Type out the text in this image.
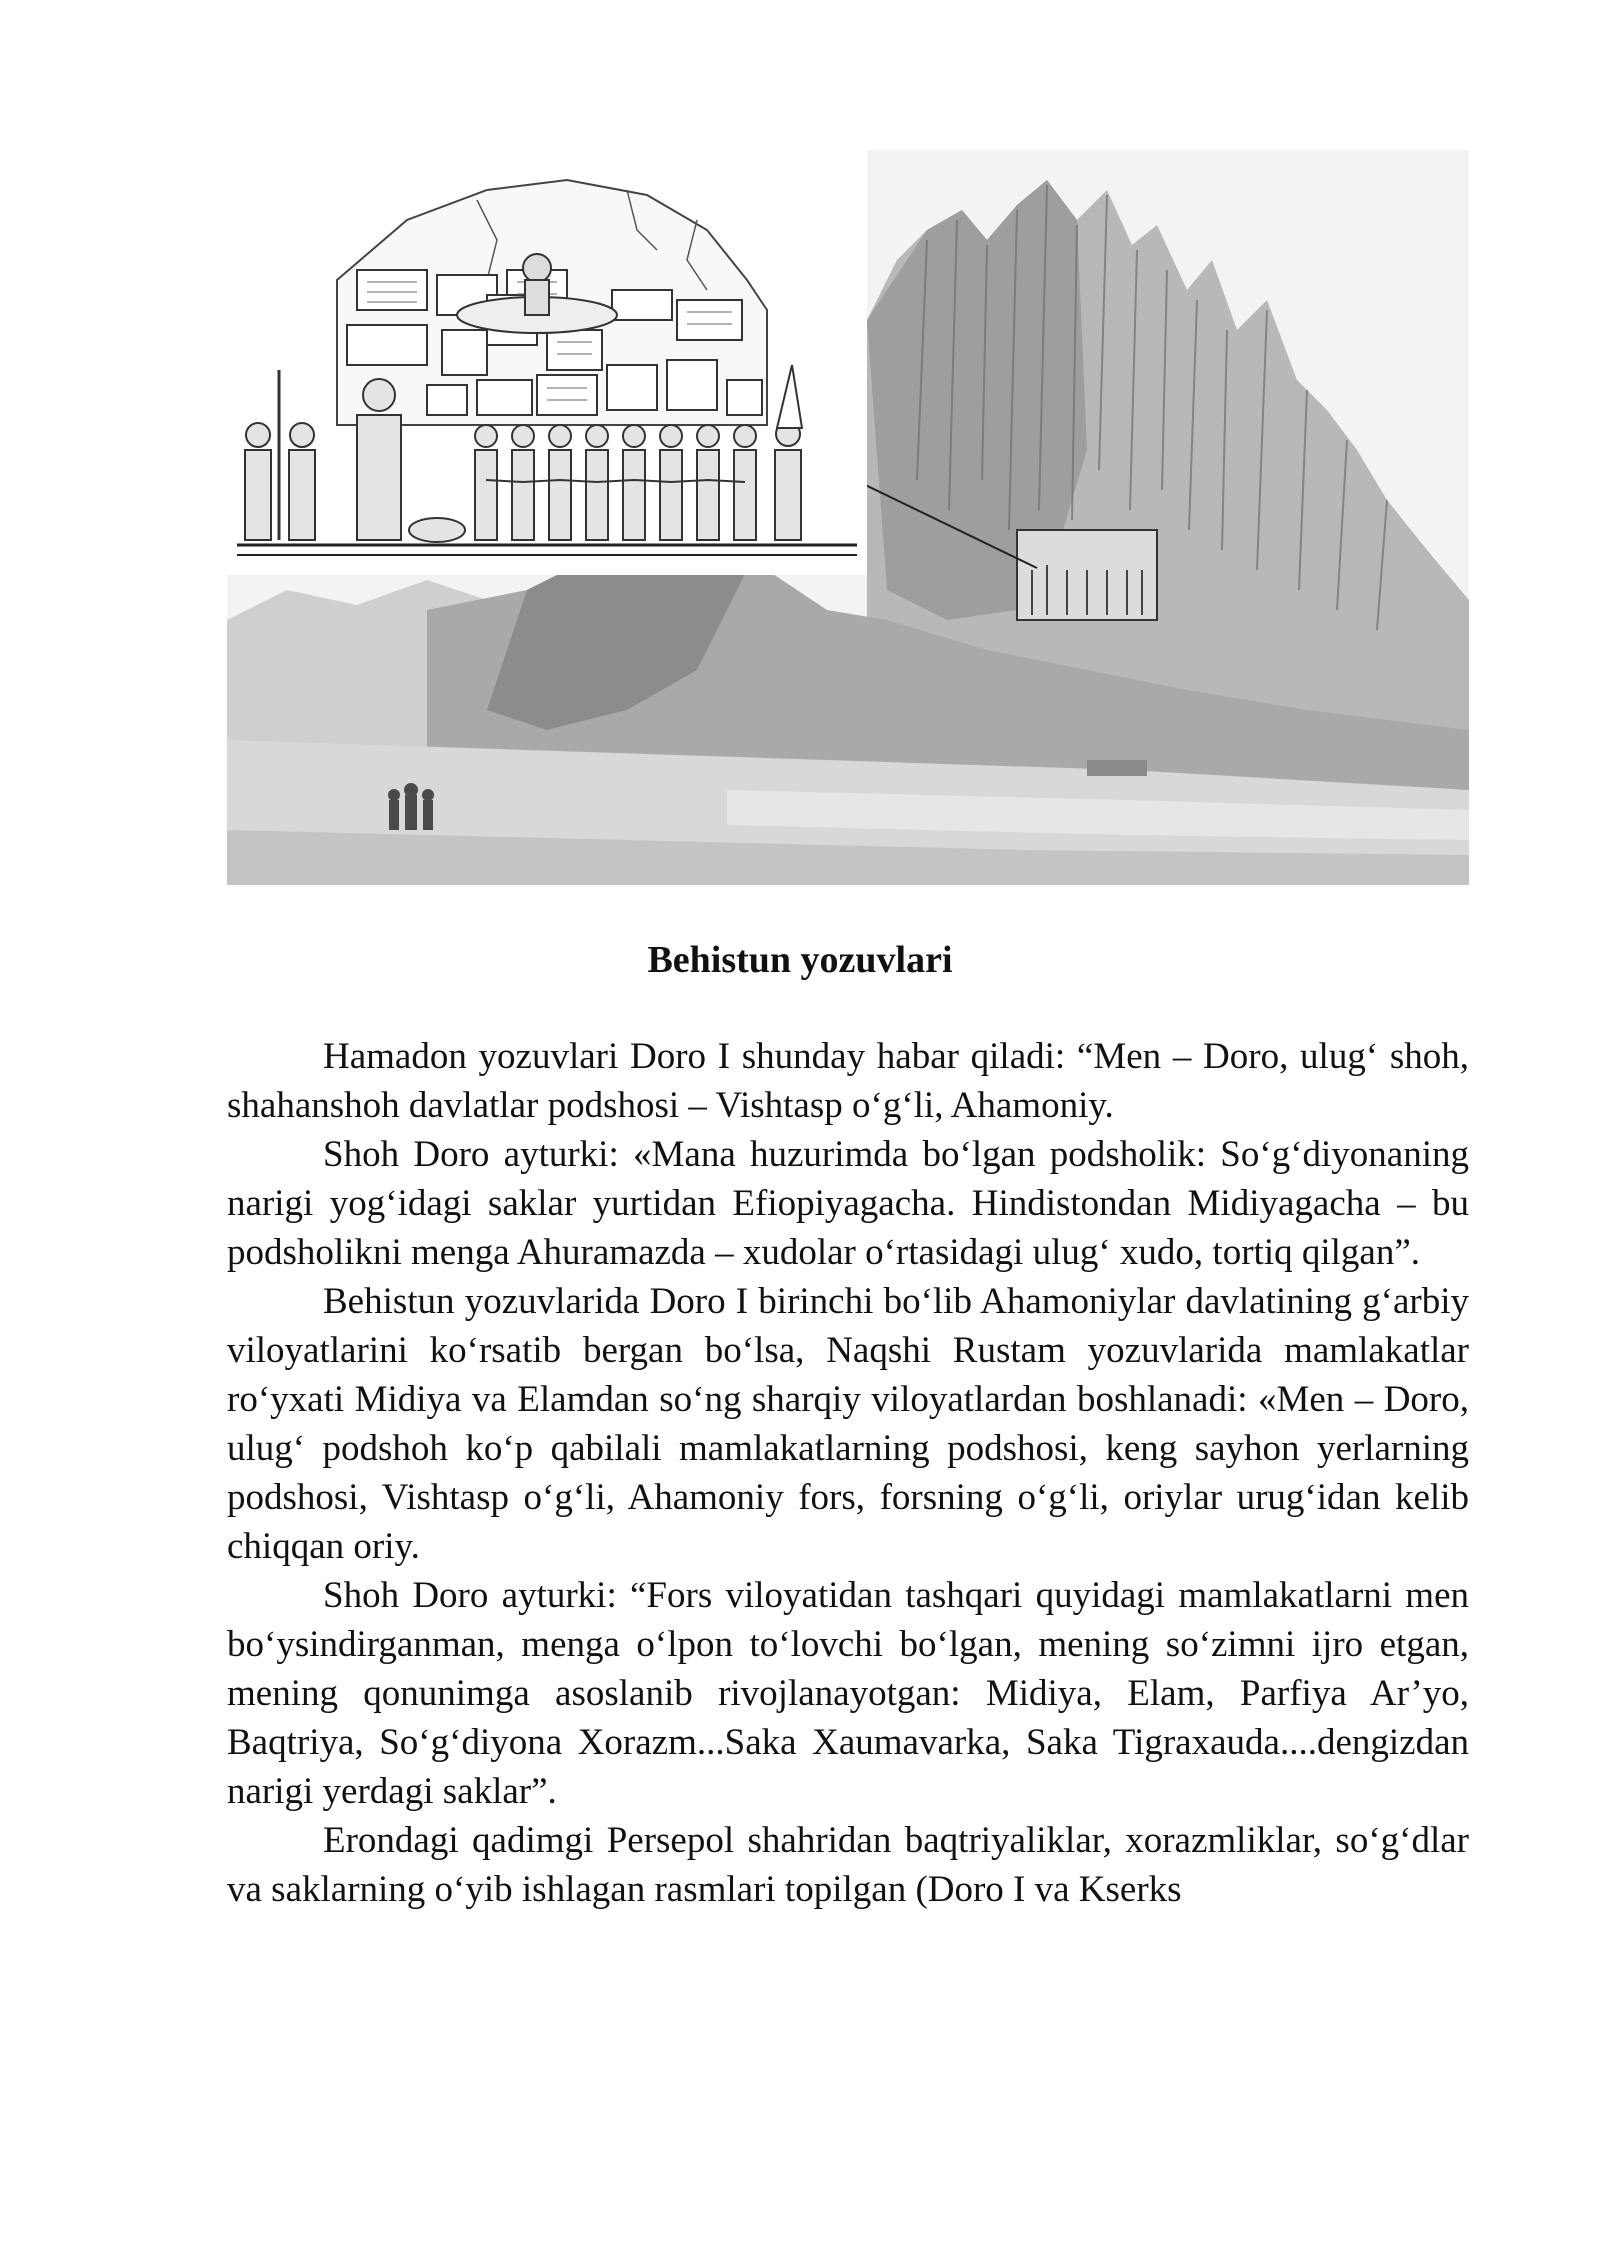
Behistun yozuvlari

Hamadon yozuvlari Doro I shunday habar qiladi: “Men – Doro, ulug‘ shoh, shahanshoh davlatlar podshosi – Vishtasp o‘g‘li, Ahamoniy.

Shoh Doro ayturki: «Mana huzurimda bo‘lgan podsholik: So‘g‘diyonaning narigi yog‘idagi saklar yurtidan Efiopiyagacha. Hindistondan Midiyagacha – bu podsholikni menga Ahuramazda – xudolar o‘rtasidagi ulug‘ xudo, tortiq qilgan”.

Behistun yozuvlarida Doro I birinchi bo‘lib Ahamoniylar davlatining g‘arbiy viloyatlarini ko‘rsatib bergan bo‘lsa, Naqshi Rustam yozuvlarida mamlakatlar ro‘yxati Midiya va Elamdan so‘ng sharqiy viloyatlardan boshlanadi: «Men – Doro, ulug‘ podshoh ko‘p qabilali mamlakatlarning podshosi, keng sayhon yerlarning podshosi, Vishtasp o‘g‘li, Ahamoniy fors, forsning o‘g‘li, oriylar urug‘idan kelib chiqqan oriy.

Shoh Doro ayturki: “Fors viloyatidan tashqari quyidagi mamlakatlarni men bo‘ysindirganman, menga o‘lpon to‘lovchi bo‘lgan, mening so‘zimni ijro etgan, mening qonunimga asoslanib rivojlanayotgan: Midiya, Elam, Parfiya Ar’yo, Baqtriya, So‘g‘diyona Xorazm...Saka Xaumavarka, Saka Tigraxauda....dengizdan narigi yerdagi saklar”.

Erondagi qadimgi Persepol shahridan baqtriyaliklar, xorazmliklar, so‘g‘dlar va saklarning o‘yib ishlagan rasmlari topilgan (Doro I va Kserks
